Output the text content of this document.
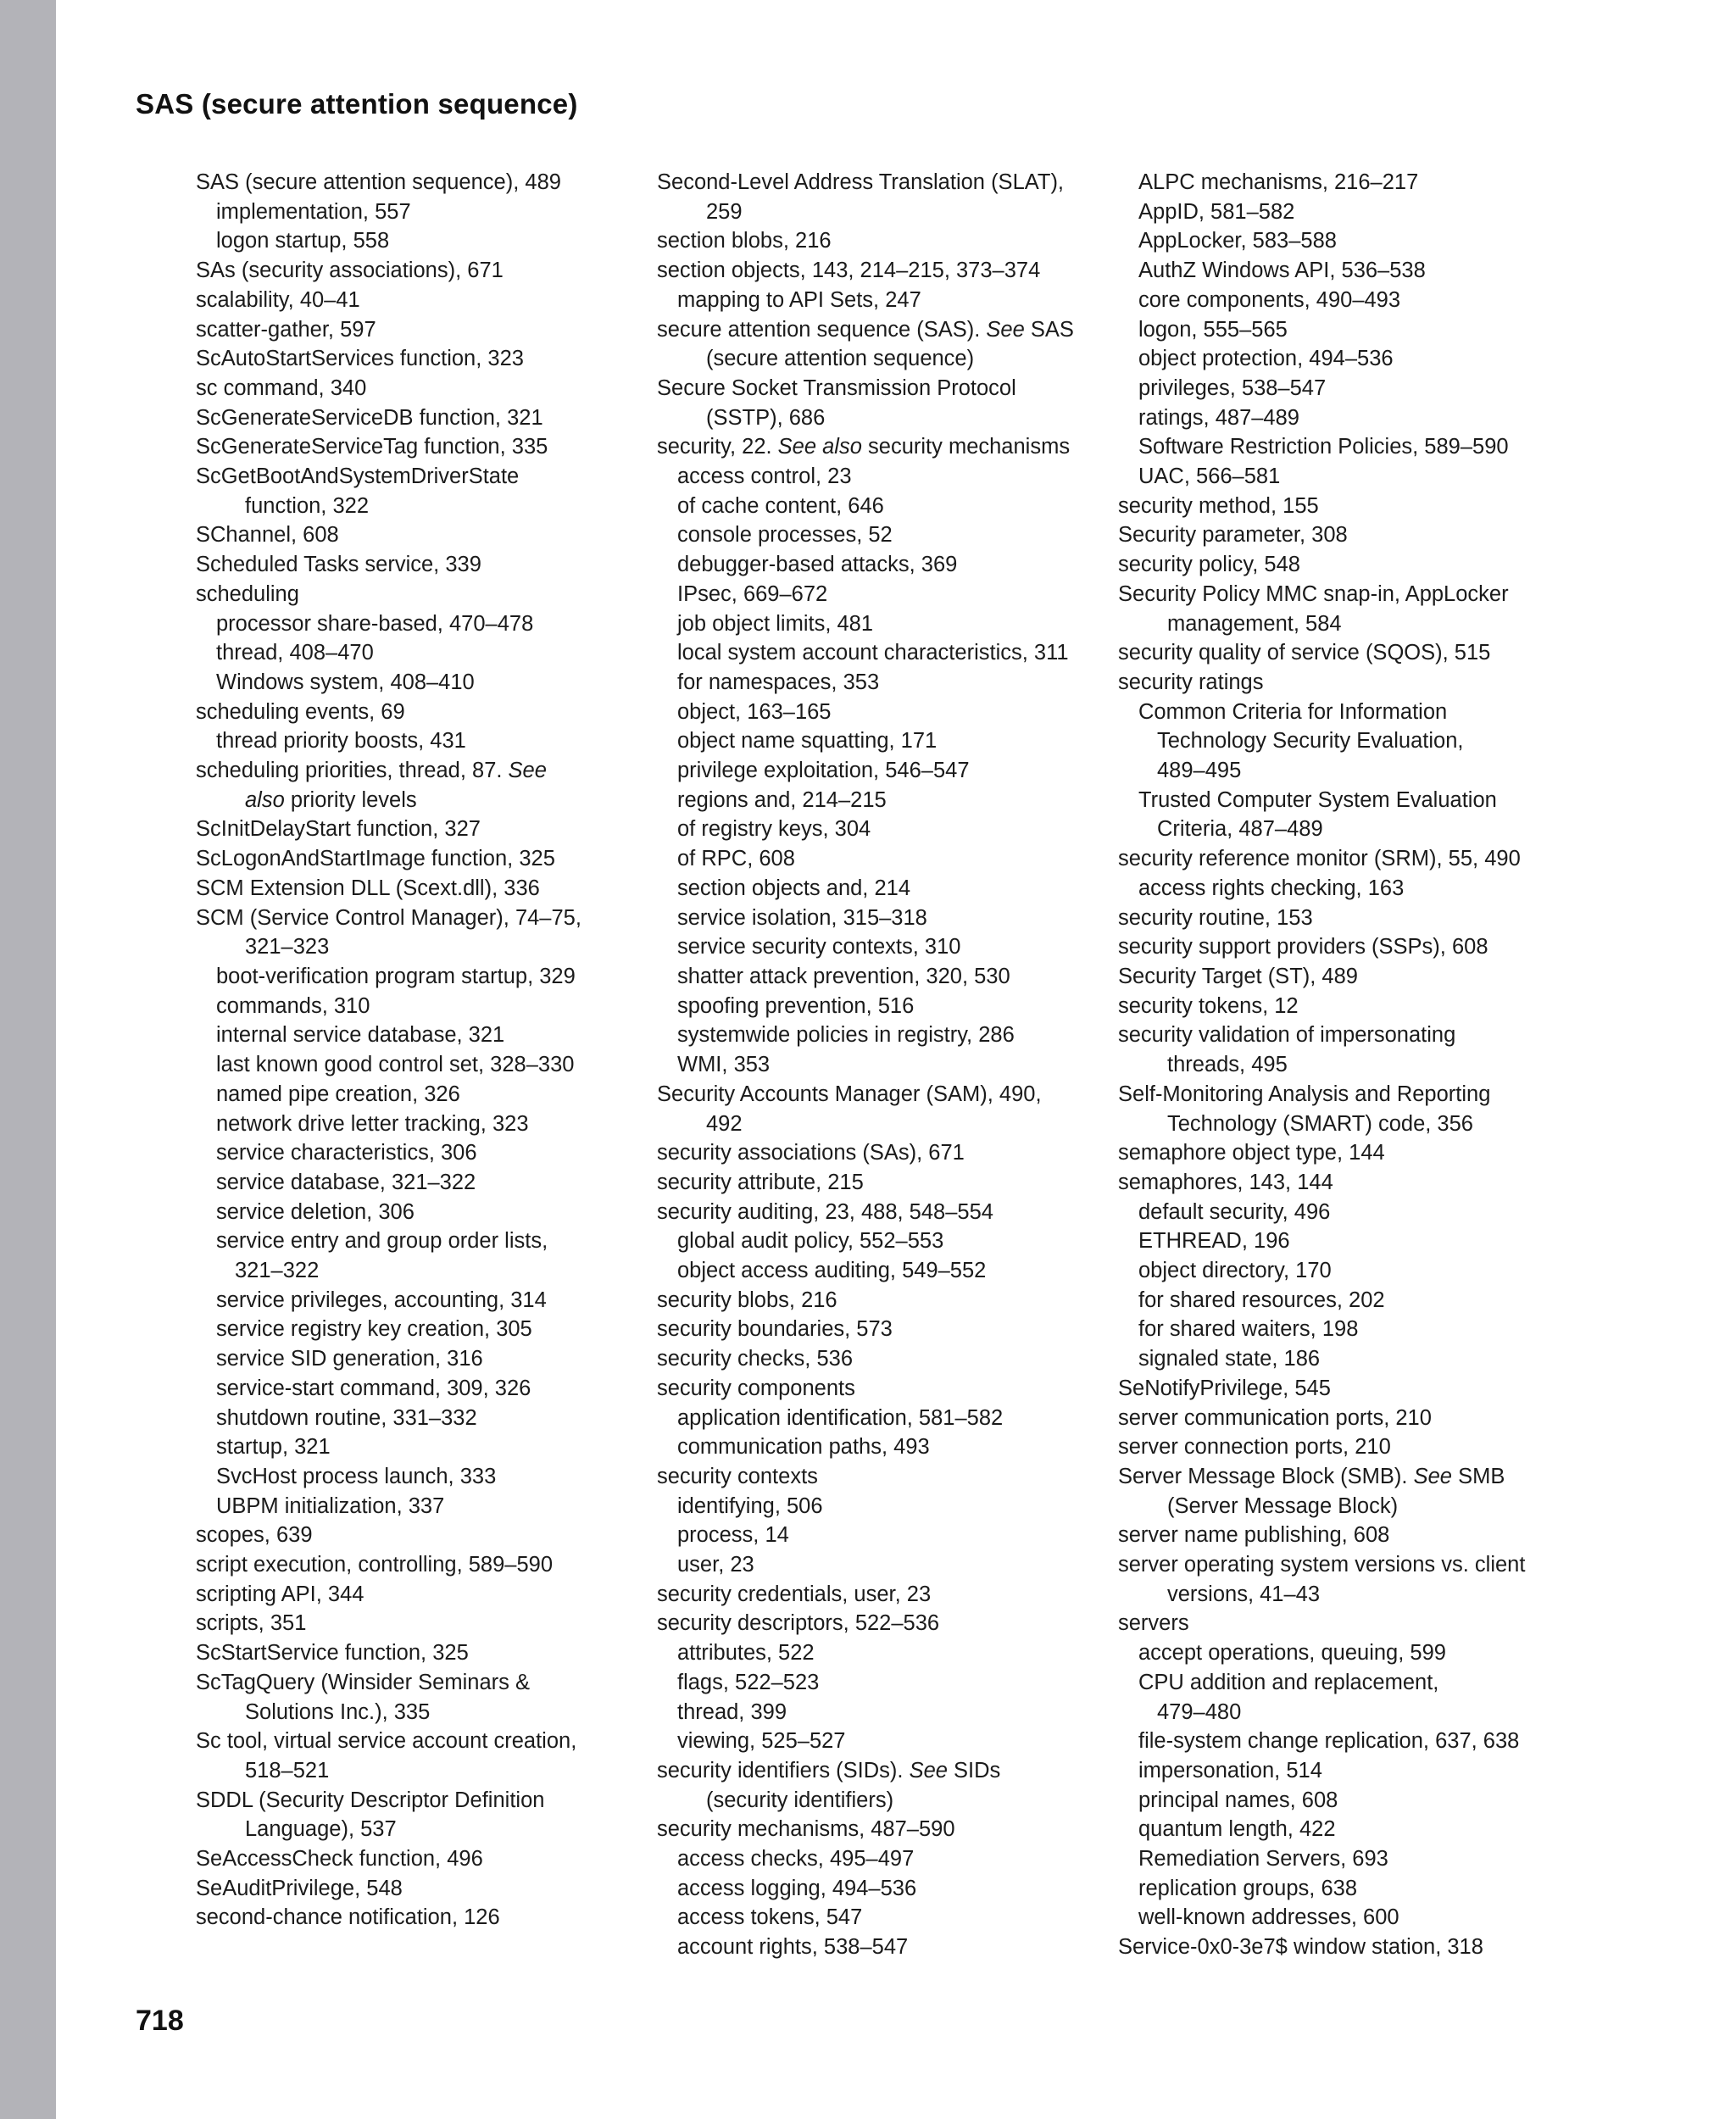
SAS (secure attention sequence)
SAS (secure attention sequence), 489
implementation, 557
logon startup, 558
SAs (security associations), 671
scalability, 40–41
scatter-gather, 597
ScAutoStartServices function, 323
sc command, 340
ScGenerateServiceDB function, 321
ScGenerateServiceTag function, 335
ScGetBootAndSystemDriverState
function, 322
SChannel, 608
Scheduled Tasks service, 339
scheduling
processor share-based, 470–478
thread, 408–470
Windows system, 408–410
scheduling events, 69
thread priority boosts, 431
scheduling priorities, thread, 87. See
also priority levels
ScInitDelayStart function, 327
ScLogonAndStartImage function, 325
SCM Extension DLL (Scext.dll), 336
SCM (Service Control Manager), 74–75,
321–323
boot-verification program startup, 329
commands, 310
internal service database, 321
last known good control set, 328–330
named pipe creation, 326
network drive letter tracking, 323
service characteristics, 306
service database, 321–322
service deletion, 306
service entry and group order lists,
321–322
service privileges, accounting, 314
service registry key creation, 305
service SID generation, 316
service-start command, 309, 326
shutdown routine, 331–332
startup, 321
SvcHost process launch, 333
UBPM initialization, 337
scopes, 639
script execution, controlling, 589–590
scripting API, 344
scripts, 351
ScStartService function, 325
ScTagQuery (Winsider Seminars &
Solutions Inc.), 335
Sc tool, virtual service account creation,
518–521
SDDL (Security Descriptor Definition
Language), 537
SeAccessCheck function, 496
SeAuditPrivilege, 548
second-chance notification, 126
Second-Level Address Translation (SLAT),
259
section blobs, 216
section objects, 143, 214–215, 373–374
mapping to API Sets, 247
secure attention sequence (SAS). See SAS
(secure attention sequence)
Secure Socket Transmission Protocol
(SSTP), 686
security, 22. See also security mechanisms
access control, 23
of cache content, 646
console processes, 52
debugger-based attacks, 369
IPsec, 669–672
job object limits, 481
local system account characteristics, 311
for namespaces, 353
object, 163–165
object name squatting, 171
privilege exploitation, 546–547
regions and, 214–215
of registry keys, 304
of RPC, 608
section objects and, 214
service isolation, 315–318
service security contexts, 310
shatter attack prevention, 320, 530
spoofing prevention, 516
systemwide policies in registry, 286
WMI, 353
Security Accounts Manager (SAM), 490,
492
security associations (SAs), 671
security attribute, 215
security auditing, 23, 488, 548–554
global audit policy, 552–553
object access auditing, 549–552
security blobs, 216
security boundaries, 573
security checks, 536
security components
application identification, 581–582
communication paths, 493
security contexts
identifying, 506
process, 14
user, 23
security credentials, user, 23
security descriptors, 522–536
attributes, 522
flags, 522–523
thread, 399
viewing, 525–527
security identifiers (SIDs). See SIDs
(security identifiers)
security mechanisms, 487–590
access checks, 495–497
access logging, 494–536
access tokens, 547
account rights, 538–547
ALPC mechanisms, 216–217
AppID, 581–582
AppLocker, 583–588
AuthZ Windows API, 536–538
core components, 490–493
logon, 555–565
object protection, 494–536
privileges, 538–547
ratings, 487–489
Software Restriction Policies, 589–590
UAC, 566–581
security method, 155
Security parameter, 308
security policy, 548
Security Policy MMC snap-in, AppLocker
management, 584
security quality of service (SQOS), 515
security ratings
Common Criteria for Information
Technology Security Evaluation,
489–495
Trusted Computer System Evaluation
Criteria, 487–489
security reference monitor (SRM), 55, 490
access rights checking, 163
security routine, 153
security support providers (SSPs), 608
Security Target (ST), 489
security tokens, 12
security validation of impersonating
threads, 495
Self-Monitoring Analysis and Reporting
Technology (SMART) code, 356
semaphore object type, 144
semaphores, 143, 144
default security, 496
ETHREAD, 196
object directory, 170
for shared resources, 202
for shared waiters, 198
signaled state, 186
SeNotifyPrivilege, 545
server communication ports, 210
server connection ports, 210
Server Message Block (SMB). See SMB
(Server Message Block)
server name publishing, 608
server operating system versions vs. client
versions, 41–43
servers
accept operations, queuing, 599
CPU addition and replacement,
479–480
file-system change replication, 637, 638
impersonation, 514
principal names, 608
quantum length, 422
Remediation Servers, 693
replication groups, 638
well-known addresses, 600
Service-0x0-3e7$ window station, 318
718
